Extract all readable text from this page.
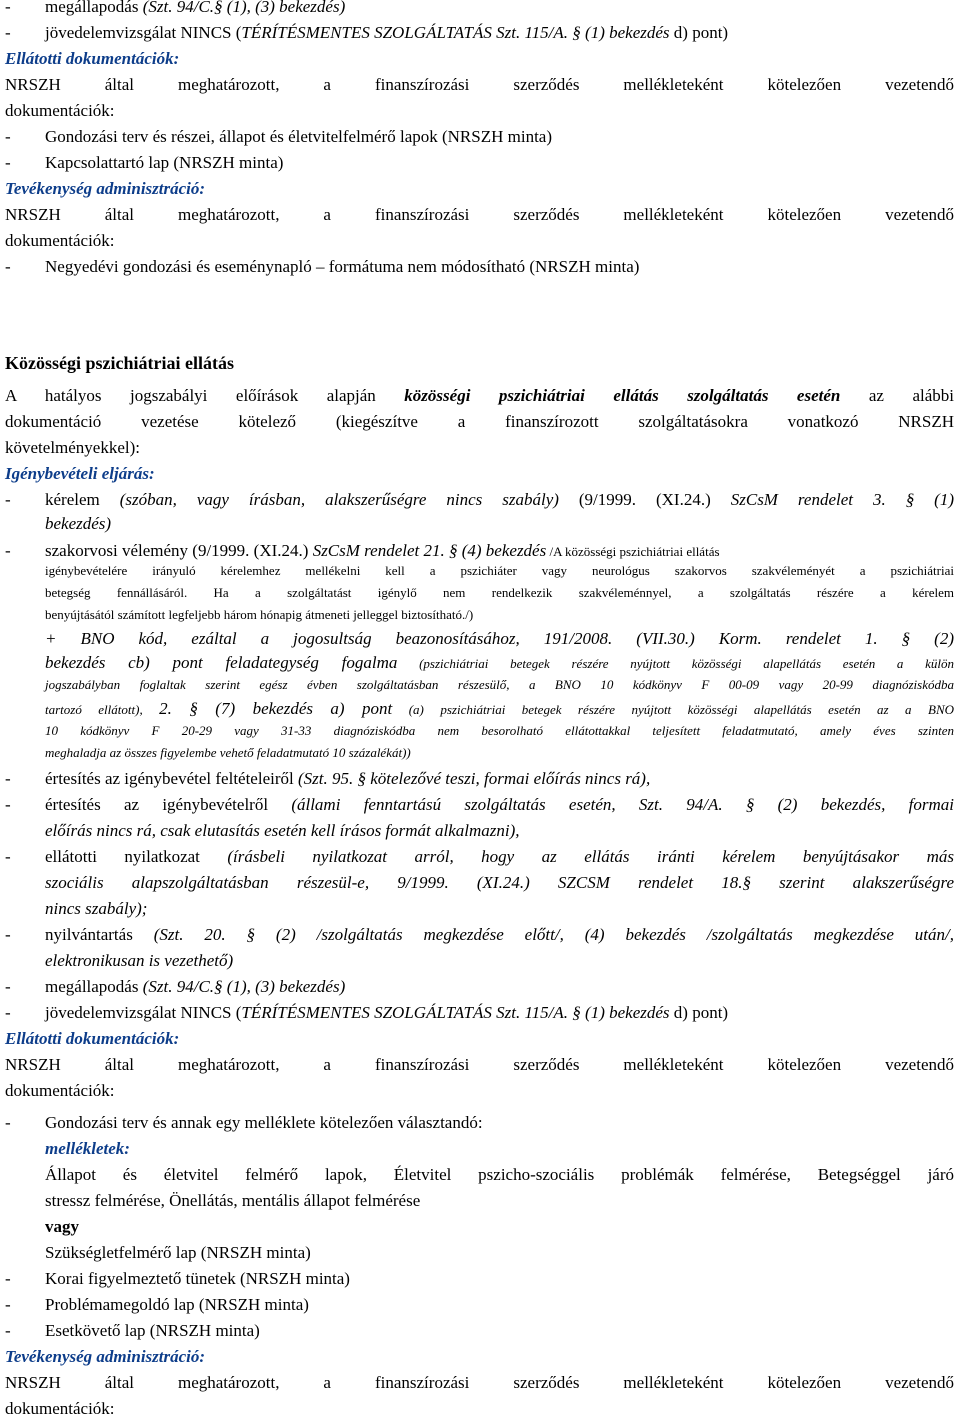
- megállapodás (Szt. 94/C.§ (1), (3) bekezdés)
- jövedelemvizsgálat NINCS (TÉRÍTÉSMENTES SZOLGÁLTATÁS Szt. 115/A. § (1) bekezdés d) pont)
Ellátotti dokumentációk:
NRSZH által meghatározott, a finanszírozási szerződés mellékleteként kötelezően vezetendő
dokumentációk:
- Gondozási terv és részei, állapot és életvitelfelmérő lapok (NRSZH minta)
- Kapcsolattartó lap (NRSZH minta)
Tevékenység adminisztráció:
NRSZH által meghatározott, a finanszírozási szerződés mellékleteként kötelezően vezetendő
dokumentációk:
- Negyedévi gondozási és eseménynapló – formátuma nem módosítható (NRSZH minta)
Közösségi pszichiátriai ellátás
A hatályos jogszabályi előírások alapján közösségi pszichiátriai ellátás szolgáltatás esetén az alábbi
dokumentáció vezetése kötelező (kiegészítve a finanszírozott szolgáltatásokra vonatkozó NRSZH
követelményekkel):
Igénybevételi eljárás:
- kérelem (szóban, vagy írásban, alakszerűségre nincs szabály) (9/1999. (XI.24.) SzCsM rendelet 3. § (1)
bekezdés)
- szakorvosi vélemény (9/1999. (XI.24.) SzCsM rendelet 21. § (4) bekezdés /A közösségi pszichiátriai ellátás
igénybevételére irányuló kérelemhez mellékelni kell a pszichiáter vagy neurológus szakorvos szakvéleményét a pszichiátriai
betegség fennállásáról. Ha a szolgáltatást igénylő nem rendelkezik szakvéleménnyel, a szolgáltatás részére a kérelem
benyújtásától számított legfeljebb három hónapig átmeneti jelleggel biztosítható./)
+ BNO kód, ezáltal a jogosultság beazonosításához, 191/2008. (VII.30.) Korm. rendelet 1. § (2)
bekezdés cb) pont feladategység fogalma (pszichiátriai betegek részére nyújtott közösségi alapellátás esetén a külön
jogszabályban foglaltak szerint egész évben szolgáltatásban részesülő, a BNO 10 kódkönyv F 00-09 vagy 20-99 diagnóziskódba
tartozó ellátott), 2. § (7) bekezdés a) pont (a) pszichiátriai betegek részére nyújtott közösségi alapellátás esetén az a BNO
10 kódkönyv F 20-29 vagy 31-33 diagnóziskódba nem besorolható ellátottakkal teljesített feladatmutató, amely éves szinten
meghaladja az összes figyelembe vehető feladatmutató 10 százalékát))
- értesítés az igénybevétel feltételeiről (Szt. 95. § kötelezővé teszi, formai előírás nincs rá),
- értesítés az igénybevételről (állami fenntartású szolgáltatás esetén, Szt. 94/A. § (2) bekezdés, formai
előírás nincs rá, csak elutasítás esetén kell írásos formát alkalmazni),
- ellátotti nyilatkozat (írásbeli nyilatkozat arról, hogy az ellátás iránti kérelem benyújtásakor más
szociális alapszolgáltatásban részesül-e, 9/1999. (XI.24.) SZCSM rendelet 18.§ szerint alakszerűségre
nincs szabály);
- nyilvántartás (Szt. 20. § (2) /szolgáltatás megkezdése előtt/, (4) bekezdés /szolgáltatás megkezdése után/,
elektronikusan is vezethető)
- megállapodás (Szt. 94/C.§ (1), (3) bekezdés)
- jövedelemvizsgálat NINCS (TÉRÍTÉSMENTES SZOLGÁLTATÁS Szt. 115/A. § (1) bekezdés d) pont)
Ellátotti dokumentációk:
NRSZH által meghatározott, a finanszírozási szerződés mellékleteként kötelezően vezetendő
dokumentációk:
- Gondozási terv és annak egy melléklete kötelezően választandó:
mellékletek:
Állapot és életvitel felmérő lapok, Életvitel pszicho-szociális problémák felmérése, Betegséggel járó
stressz felmérése, Önellátás, mentális állapot felmérése
vagy
Szükségletfelmérő lap (NRSZH minta)
- Korai figyelmeztető tünetek (NRSZH minta)
- Problémamegoldó lap (NRSZH minta)
- Esetkövető lap (NRSZH minta)
Tevékenység adminisztráció:
NRSZH által meghatározott, a finanszírozási szerződés mellékleteként kötelezően vezetendő
dokumentációk:
